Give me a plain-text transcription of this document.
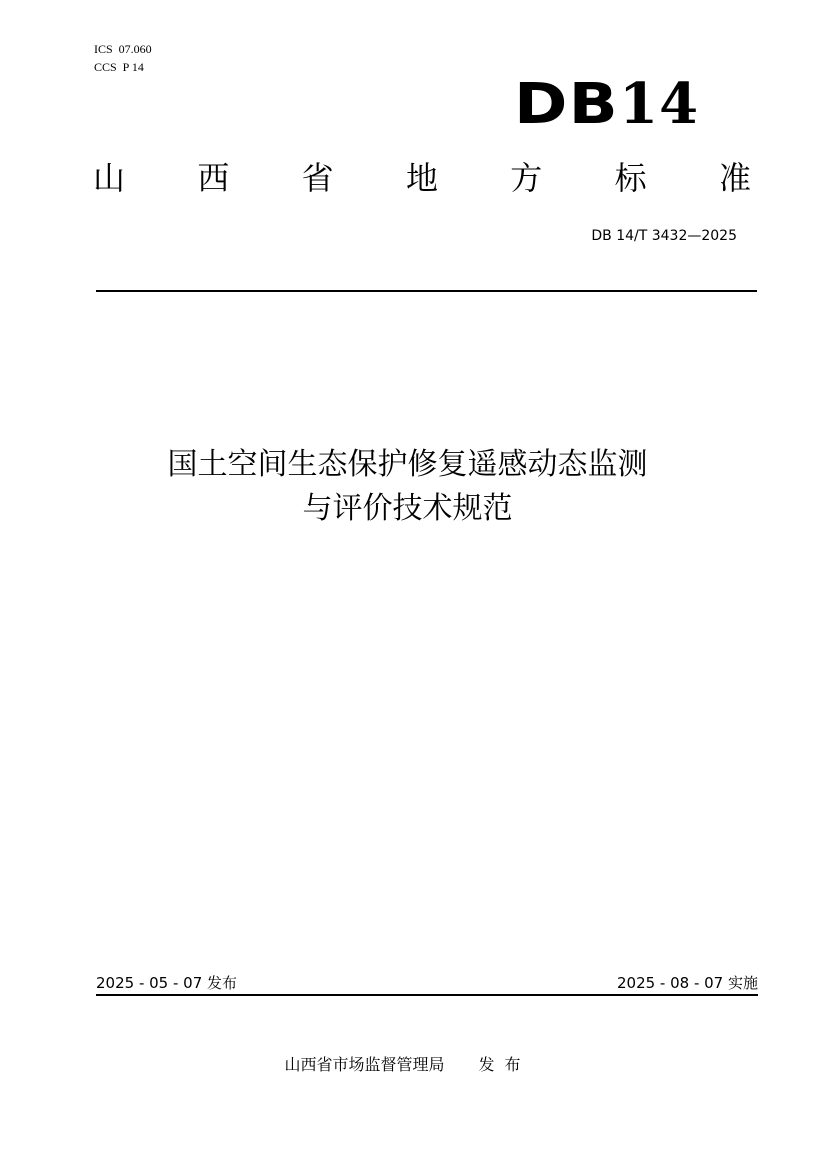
ICS  07.060
CCS  P 14
DB14
山 西 省 地 方 标 准
DB 14/T 3432—2025
国土空间生态保护修复遥感动态监测
与评价技术规范
2025 - 05 - 07 发布	2025 - 08 - 07 实施
山西省市场监督管理局 发布
